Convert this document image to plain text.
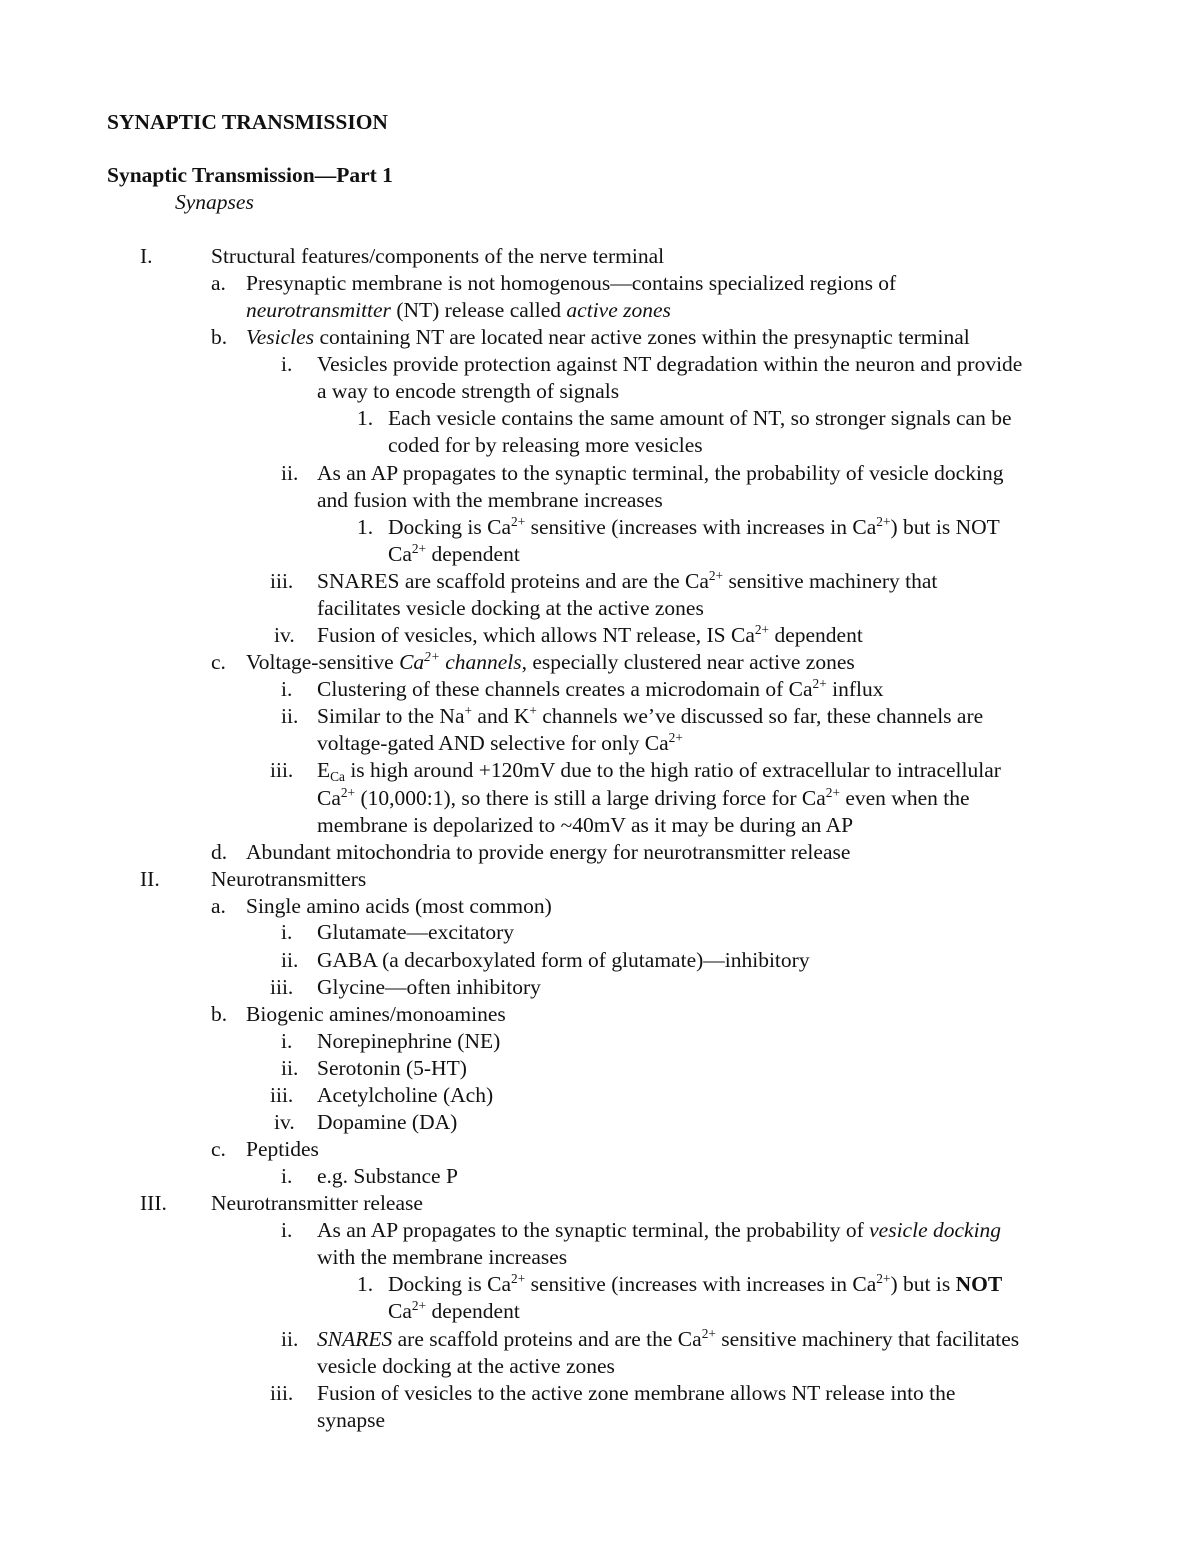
SYNAPTIC TRANSMISSION
Synaptic Transmission—Part 1
Synapses
I.	Structural features/components of the nerve terminal
a. Presynaptic membrane is not homogenous—contains specialized regions of
neurotransmitter (NT) release called active zones
b. Vesicles containing NT are located near active zones within the presynaptic terminal
i. Vesicles provide protection against NT degradation within the neuron and provide
a way to encode strength of signals
1. Each vesicle contains the same amount of NT, so stronger signals can be
coded for by releasing more vesicles
ii. As an AP propagates to the synaptic terminal, the probability of vesicle docking
and fusion with the membrane increases
1. Docking is $Ca^{2+}$ sensitive (increases with increases in $Ca^{2+}$) but is NOT
$Ca^{2+}$ dependent
iii. SNARES are scaffold proteins and are the $Ca^{2+}$ sensitive machinery that
facilitates vesicle docking at the active zones
iv. Fusion of vesicles, which allows NT release, IS $Ca^{2+}$ dependent
c. Voltage-sensitive $Ca^{2+}$ channels, especially clustered near active zones
i. Clustering of these channels creates a microdomain of $Ca^{2+}$ influx
ii. Similar to the Na+ and K+ channels we’ve discussed so far, these channels are
voltage-gated AND selective for only $Ca^{2+}$
iii. $E_{Ca}$ is high around +120mV due to the high ratio of extracellular to intracellular
$Ca^{2+}$ (10,000:1), so there is still a large driving force for $Ca^{2+}$ even when the
membrane is depolarized to ~40mV as it may be during an AP
d. Abundant mitochondria to provide energy for neurotransmitter release
II. Neurotransmitters
a. Single amino acids (most common)
i. Glutamate—excitatory
ii. GABA (a decarboxylated form of glutamate)—inhibitory
iii. Glycine—often inhibitory
b. Biogenic amines/monoamines
i. Norepinephrine (NE)
ii. Serotonin (5-HT)
iii. Acetylcholine (Ach)
iv. Dopamine (DA)
c. Peptides
i. e.g. Substance P
III. Neurotransmitter release
i. As an AP propagates to the synaptic terminal, the probability of vesicle docking
with the membrane increases
1. Docking is $Ca^{2+}$ sensitive (increases with increases in $Ca^{2+}$) but is NOT
$Ca^{2+}$ dependent
ii. SNARES are scaffold proteins and are the $Ca^{2+}$ sensitive machinery that facilitates
vesicle docking at the active zones
iii. Fusion of vesicles to the active zone membrane allows NT release into the
synapse
